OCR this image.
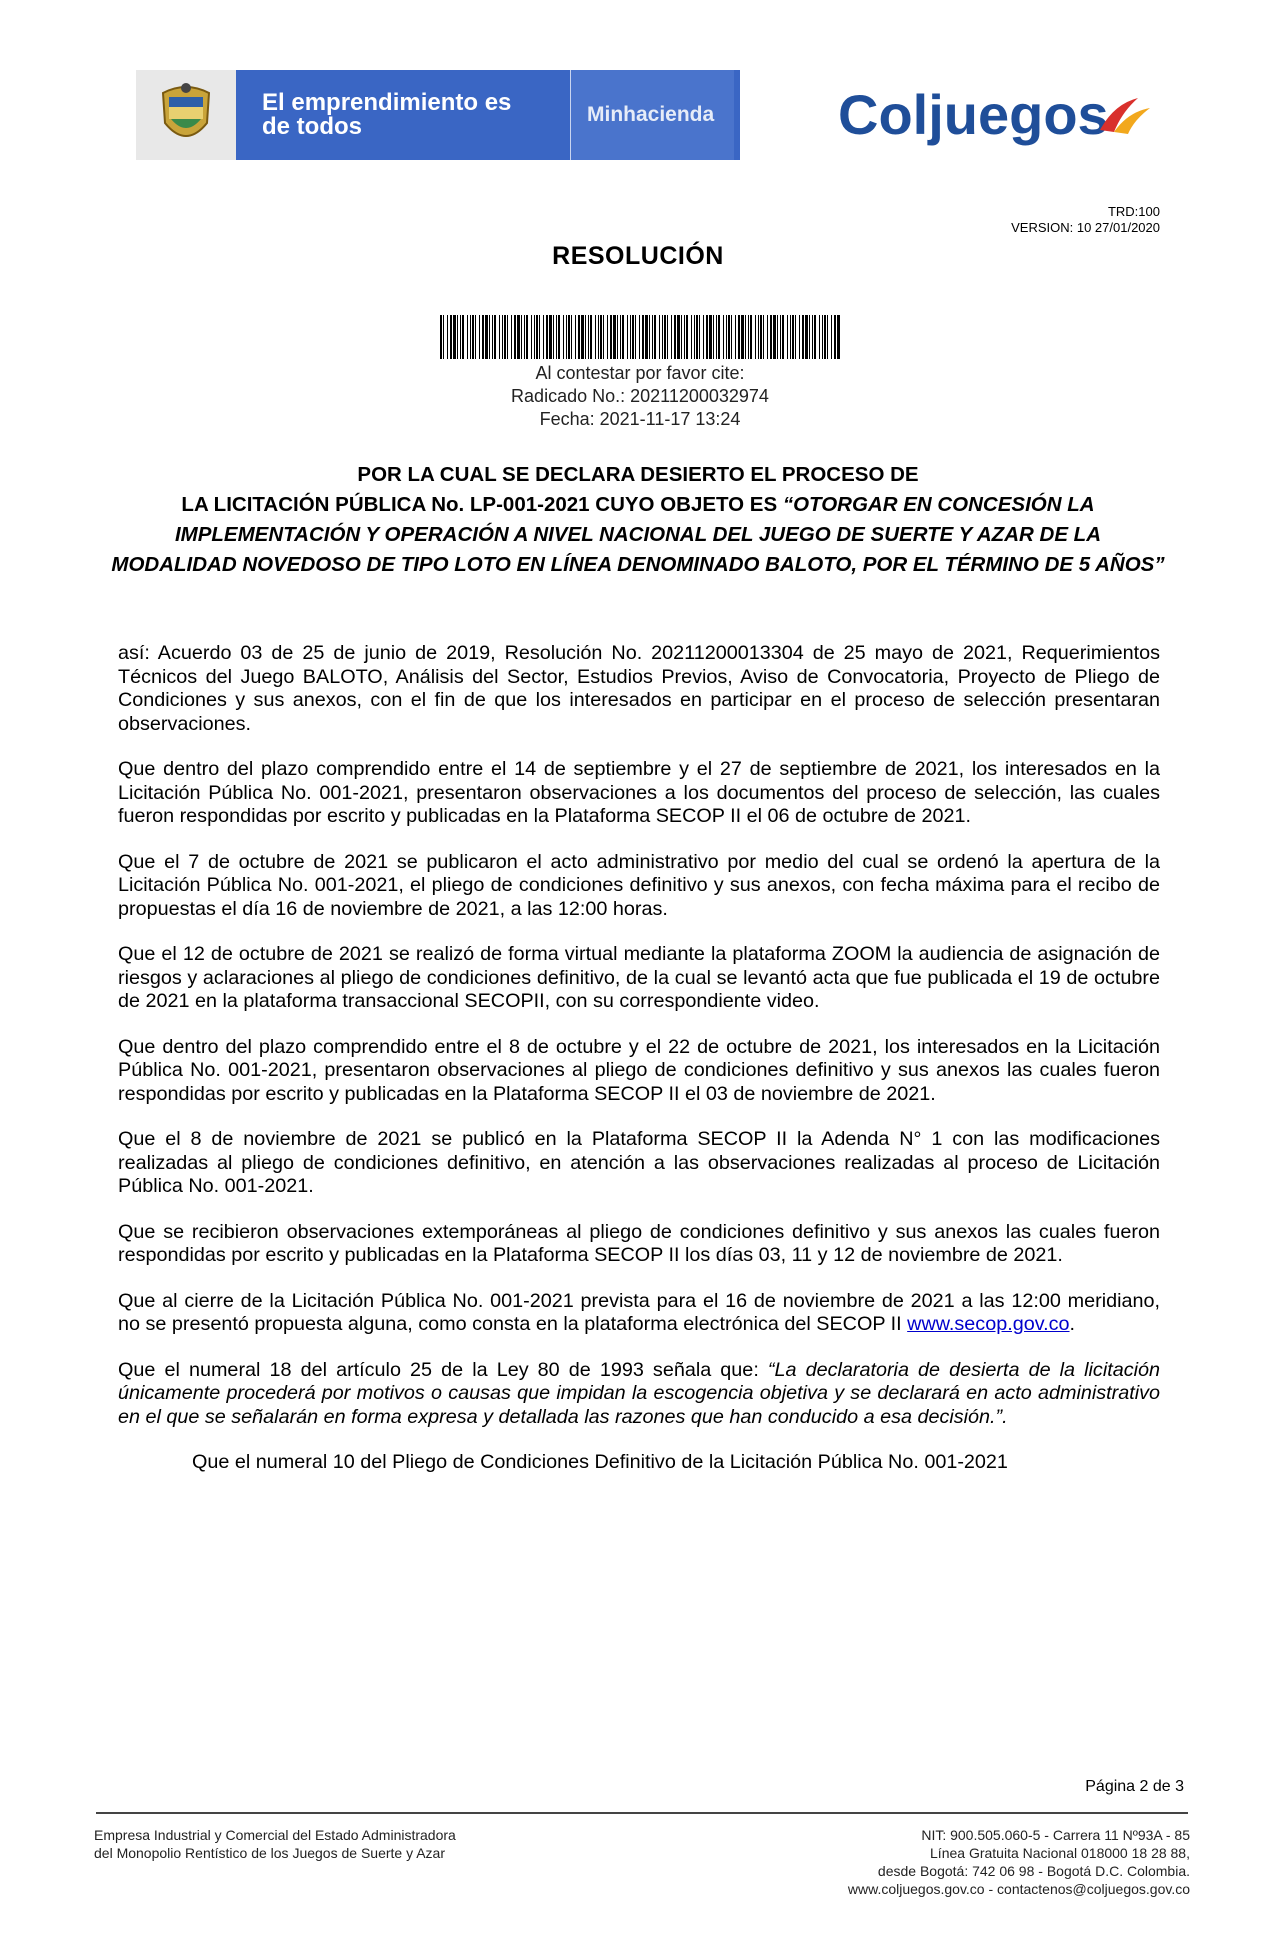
El emprendimiento es de todos	Minhacienda	Coljuegos
TRD:100
VERSION: 10 27/01/2020
RESOLUCIÓN
Al contestar por favor cite:
Radicado No.: 20211200032974
Fecha: 2021-11-17 13:24
POR LA CUAL SE DECLARA DESIERTO EL PROCESO DE
LA LICITACIÓN PÚBLICA No. LP-001-2021 CUYO OBJETO ES “OTORGAR EN CONCESIÓN LA IMPLEMENTACIÓN Y OPERACIÓN A NIVEL NACIONAL DEL JUEGO DE SUERTE Y AZAR DE LA MODALIDAD NOVEDOSO DE TIPO LOTO EN LÍNEA DENOMINADO BALOTO, POR EL TÉRMINO DE 5 AÑOS”

así: Acuerdo 03 de 25 de junio de 2019, Resolución No. 20211200013304 de 25 mayo de 2021, Requerimientos Técnicos del Juego BALOTO, Análisis del Sector, Estudios Previos, Aviso de Convocatoria, Proyecto de Pliego de Condiciones y sus anexos, con el fin de que los interesados en participar en el proceso de selección presentaran observaciones.

Que dentro del plazo comprendido entre el 14 de septiembre y el 27 de septiembre de 2021, los interesados en la Licitación Pública No. 001-2021, presentaron observaciones a los documentos del proceso de selección, las cuales fueron respondidas por escrito y publicadas en la Plataforma SECOP II el 06 de octubre de 2021.

Que el 7 de octubre de 2021 se publicaron el acto administrativo por medio del cual se ordenó la apertura de la Licitación Pública No. 001-2021, el pliego de condiciones definitivo y sus anexos, con fecha máxima para el recibo de propuestas el día 16 de noviembre de 2021, a las 12:00 horas.

Que el 12 de octubre de 2021 se realizó de forma virtual mediante la plataforma ZOOM la audiencia de asignación de riesgos y aclaraciones al pliego de condiciones definitivo, de la cual se levantó acta que fue publicada el 19 de octubre de 2021 en la plataforma transaccional SECOPII, con su correspondiente video.

Que dentro del plazo comprendido entre el 8 de octubre y el 22 de octubre de 2021, los interesados en la Licitación Pública No. 001-2021, presentaron observaciones al pliego de condiciones definitivo y sus anexos las cuales fueron respondidas por escrito y publicadas en la Plataforma SECOP II el 03 de noviembre de 2021.

Que el 8 de noviembre de 2021 se publicó en la Plataforma SECOP II la Adenda N° 1 con las modificaciones realizadas al pliego de condiciones definitivo, en atención a las observaciones realizadas al proceso de Licitación Pública No. 001-2021.

Que se recibieron observaciones extemporáneas al pliego de condiciones definitivo y sus anexos las cuales fueron respondidas por escrito y publicadas en la Plataforma SECOP II los días 03, 11 y 12 de noviembre de 2021.

Que al cierre de la Licitación Pública No. 001-2021 prevista para el 16 de noviembre de 2021 a las 12:00 meridiano, no se presentó propuesta alguna, como consta en la plataforma electrónica del SECOP II www.secop.gov.co.

Que el numeral 18 del artículo 25 de la Ley 80 de 1993 señala que: “La declaratoria de desierta de la licitación únicamente procederá por motivos o causas que impidan la escogencia objetiva y se declarará en acto administrativo en el que se señalarán en forma expresa y detallada las razones que han conducido a esa decisión.”.

Que el numeral 10 del Pliego de Condiciones Definitivo de la Licitación Pública No. 001-2021

Página 2 de 3
Empresa Industrial y Comercial del Estado Administradora
del Monopolio Rentístico de los Juegos de Suerte y Azar
NIT: 900.505.060-5 - Carrera 11 Nº93A - 85
Línea Gratuita Nacional 018000 18 28 88,
desde Bogotá: 742 06 98 - Bogotá D.C. Colombia.
www.coljuegos.gov.co - contactenos@coljuegos.gov.co
